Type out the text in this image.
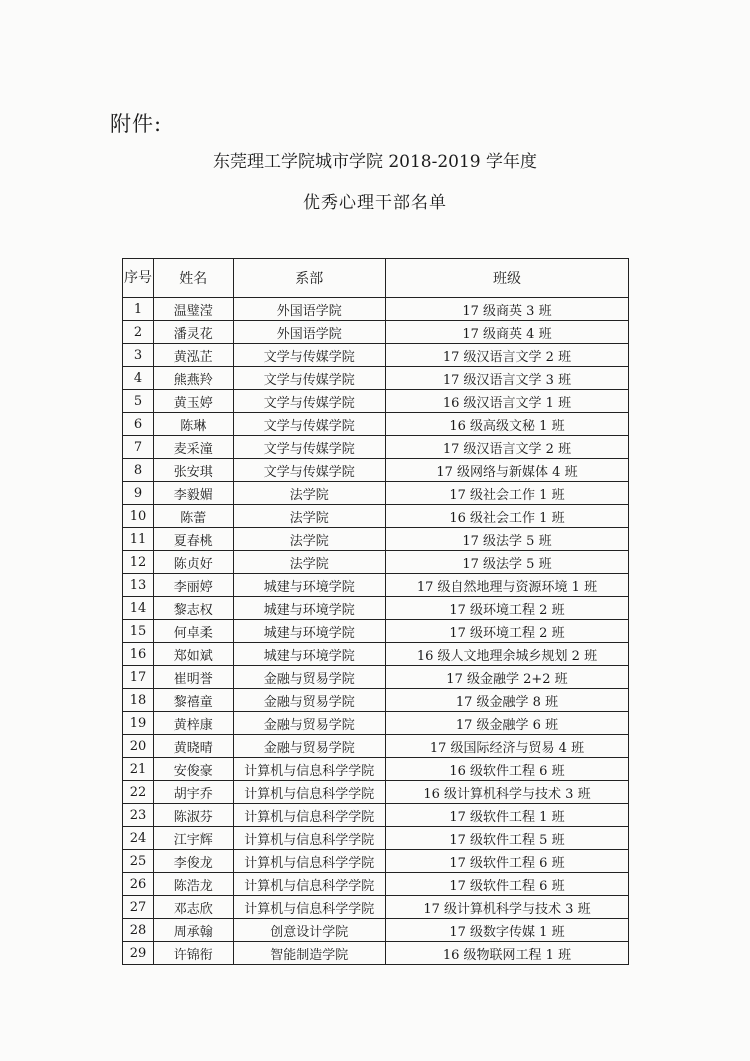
附件:
东莞理工学院城市学院 2018-2019 学年度
优秀心理干部名单
序号	姓名	系部	班级
1	温璧滢	外国语学院	17 级商英 3 班
2	潘灵花	外国语学院	17 级商英 4 班
3	黄泓芷	文学与传媒学院	17 级汉语言文学 2 班
4	熊燕羚	文学与传媒学院	17 级汉语言文学 3 班
5	黄玉婷	文学与传媒学院	16 级汉语言文学 1 班
6	陈琳	文学与传媒学院	16 级高级文秘 1 班
7	麦采潼	文学与传媒学院	17 级汉语言文学 2 班
8	张安琪	文学与传媒学院	17 级网络与新媒体 4 班
9	李毅媚	法学院	17 级社会工作 1 班
10	陈蕾	法学院	16 级社会工作 1 班
11	夏春桃	法学院	17 级法学 5 班
12	陈贞好	法学院	17 级法学 5 班
13	李丽婷	城建与环境学院	17 级自然地理与资源环境 1 班
14	黎志权	城建与环境学院	17 级环境工程 2 班
15	何卓柔	城建与环境学院	17 级环境工程 2 班
16	郑如斌	城建与环境学院	16 级人文地理余城乡规划 2 班
17	崔明誉	金融与贸易学院	17 级金融学 2+2 班
18	黎禧童	金融与贸易学院	17 级金融学 8 班
19	黄梓康	金融与贸易学院	17 级金融学 6 班
20	黄晓晴	金融与贸易学院	17 级国际经济与贸易 4 班
21	安俊豪	计算机与信息科学学院	16 级软件工程 6 班
22	胡宇乔	计算机与信息科学学院	16 级计算机科学与技术 3 班
23	陈淑芬	计算机与信息科学学院	17 级软件工程 1 班
24	江宇辉	计算机与信息科学学院	17 级软件工程 5 班
25	李俊龙	计算机与信息科学学院	17 级软件工程 6 班
26	陈浩龙	计算机与信息科学学院	17 级软件工程 6 班
27	邓志欣	计算机与信息科学学院	17 级计算机科学与技术 3 班
28	周承翰	创意设计学院	17 级数字传媒 1 班
29	许锦衔	智能制造学院	16 级物联网工程 1 班
